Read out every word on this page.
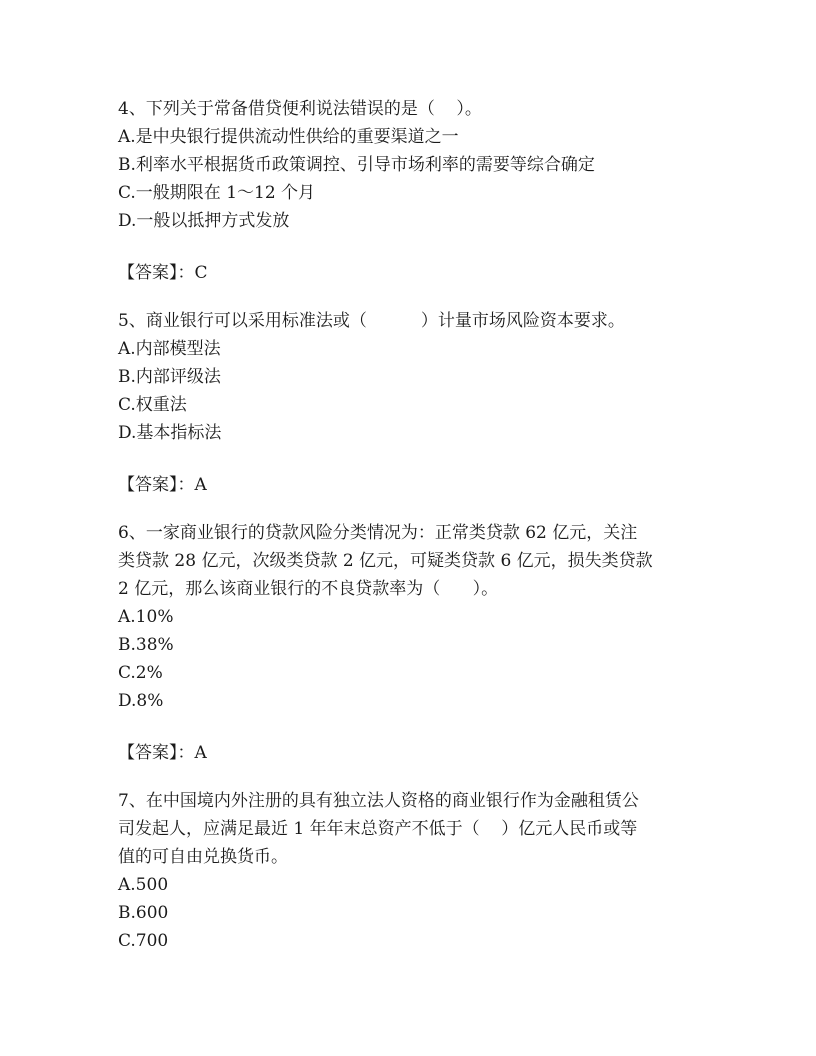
4、下列关于常备借贷便利说法错误的是（    ）。
A.是中央银行提供流动性供给的重要渠道之一
B.利率水平根据货币政策调控、引导市场利率的需要等综合确定
C.一般期限在 1～12 个月
D.一般以抵押方式发放
【答案】：C
5、商业银行可以采用标准法或（          ）计量市场风险资本要求。
A.内部模型法
B.内部评级法
C.权重法
D.基本指标法
【答案】：A
6、一家商业银行的贷款风险分类情况为：正常类贷款 62 亿元，关注
类贷款 28 亿元，次级类贷款 2 亿元，可疑类贷款 6 亿元，损失类贷款
2 亿元，那么该商业银行的不良贷款率为（      ）。
A.10%
B.38%
C.2%
D.8%
【答案】：A
7、在中国境内外注册的具有独立法人资格的商业银行作为金融租赁公
司发起人，应满足最近 1 年年末总资产不低于（    ）亿元人民币或等
值的可自由兑换货币。
A.500
B.600
C.700
